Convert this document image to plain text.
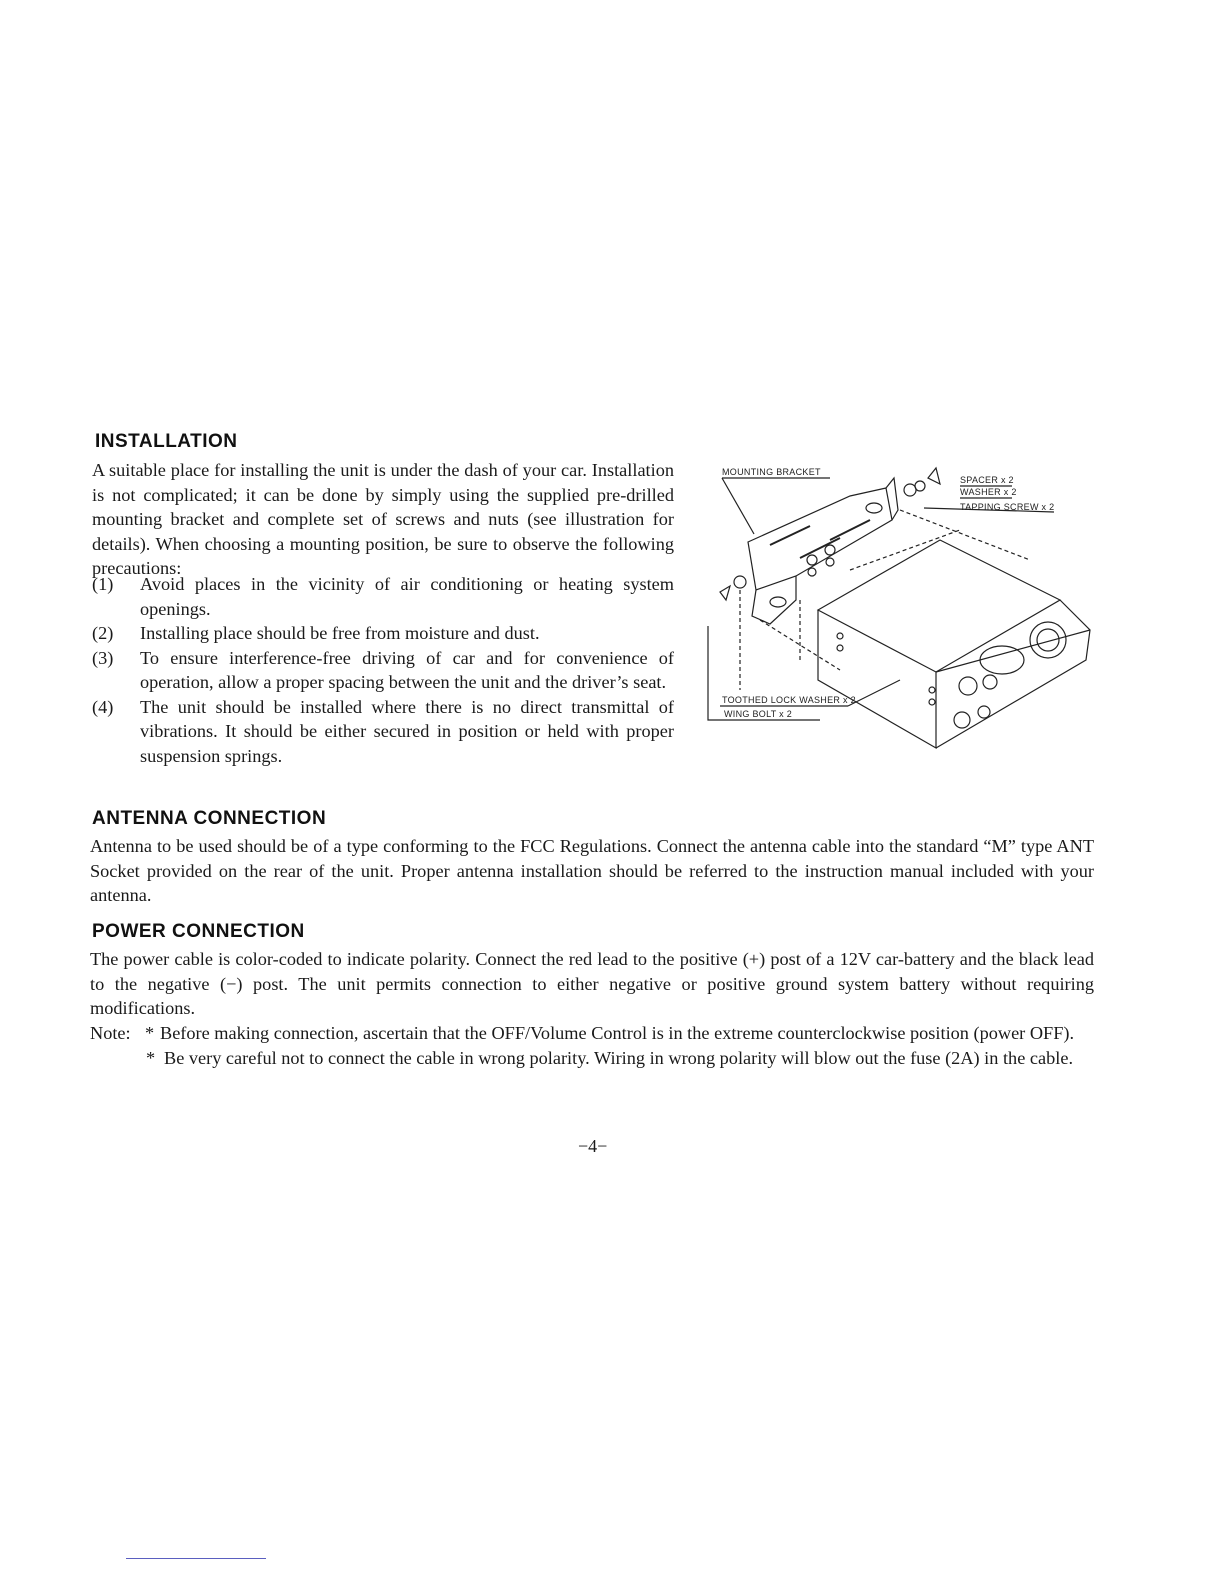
INSTALLATION

A suitable place for installing the unit is under the dash of your car. Installation is not complicated; it can be done by simply using the supplied pre-drilled mounting bracket and complete set of screws and nuts (see illustration for details). When choosing a mounting position, be sure to observe the following precautions:

(1) Avoid places in the vicinity of air conditioning or heating system openings.
(2) Installing place should be free from moisture and dust.
(3) To ensure interference-free driving of car and for convenience of operation, allow a proper spacing between the unit and the driver’s seat.
(4) The unit should be installed where there is no direct transmittal of vibrations. It should be either secured in position or held with proper suspension springs.
MOUNTING BRACKET
SPACER x 2
WASHER x 2
TAPPING SCREW x 2
TOOTHED LOCK WASHER x 2
WING BOLT x 2
ANTENNA CONNECTION

Antenna to be used should be of a type conforming to the FCC Regulations. Connect the antenna cable into the standard “M” type ANT Socket provided on the rear of the unit. Proper antenna installation should be referred to the instruction manual included with your antenna.

POWER CONNECTION

The power cable is color-coded to indicate polarity. Connect the red lead to the positive (+) post of a 12V car-battery and the black lead to the negative (−) post. The unit permits connection to either negative or positive ground system battery without requiring modifications.

Note: * Before making connection, ascertain that the OFF/Volume Control is in the extreme counterclockwise position (power OFF).
* Be very careful not to connect the cable in wrong polarity. Wiring in wrong polarity will blow out the fuse (2A) in the cable.
−4−
